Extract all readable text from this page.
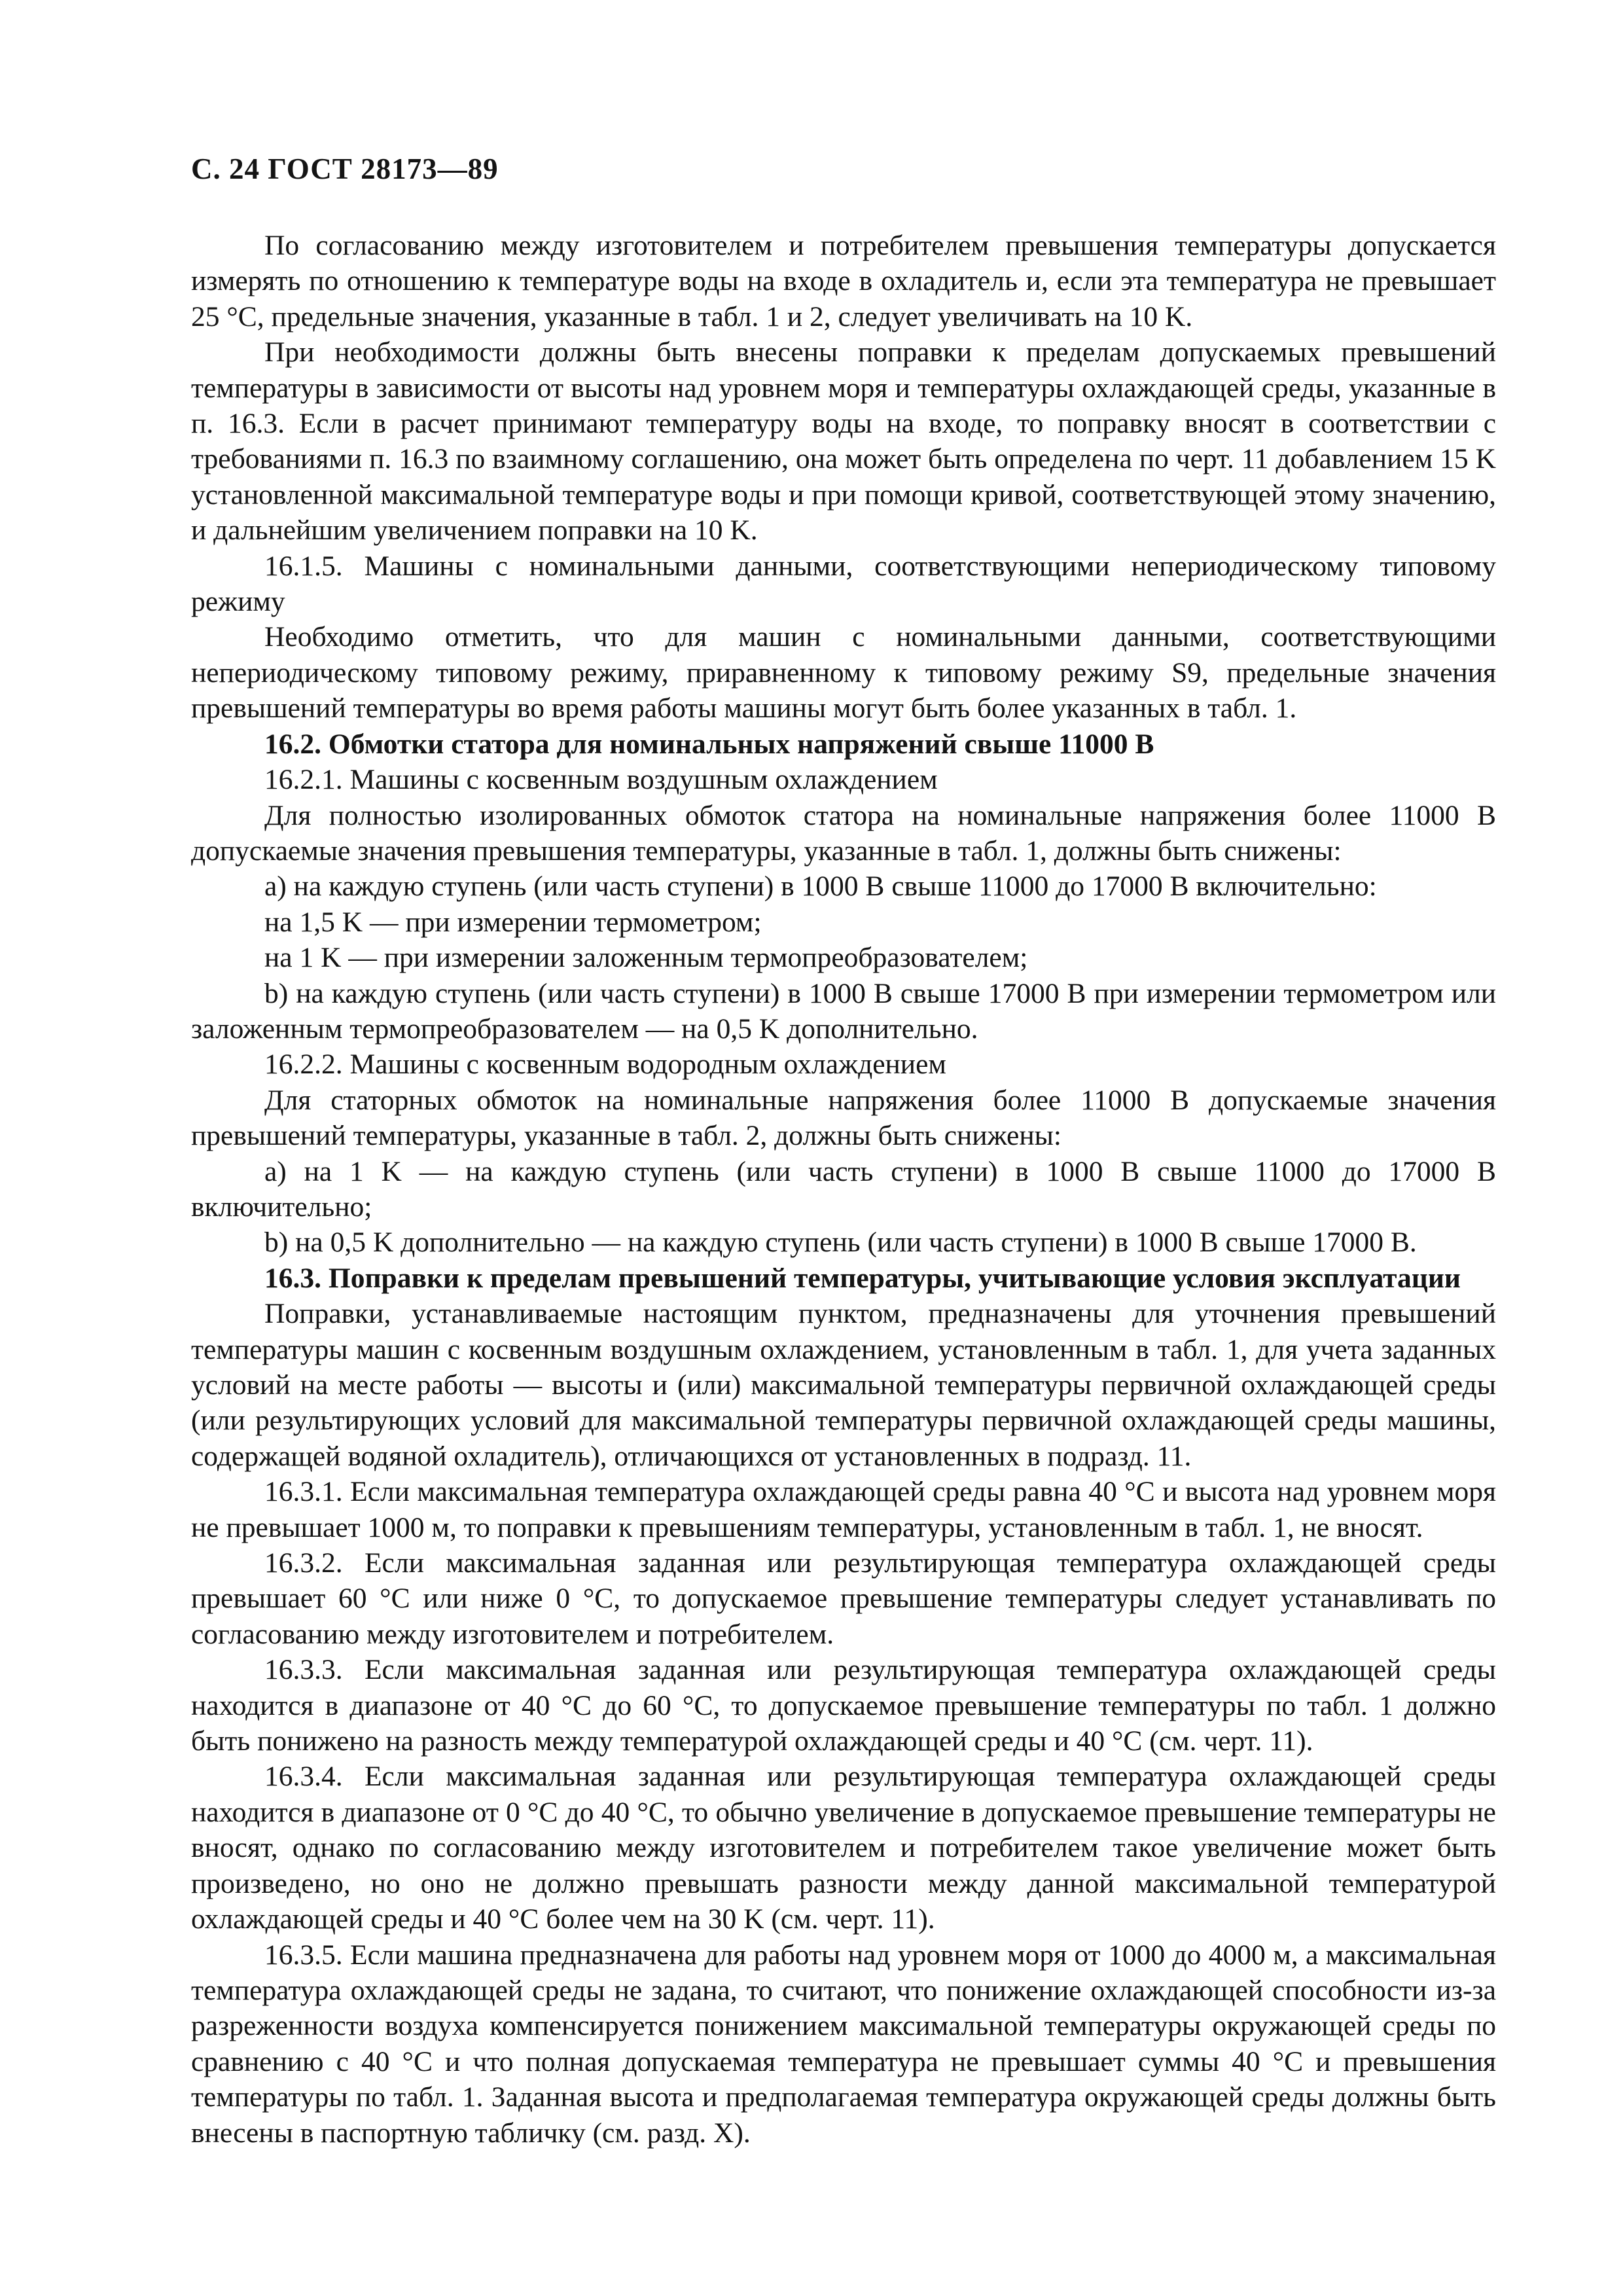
С. 24 ГОСТ 28173—89

По согласованию между изготовителем и потребителем превышения температуры допускается измерять по отношению к температуре воды на входе в охладитель и, если эта температура не превышает 25 °C, предельные значения, указанные в табл. 1 и 2, следует увеличивать на 10 K.

При необходимости должны быть внесены поправки к пределам допускаемых превышений температуры в зависимости от высоты над уровнем моря и температуры охлаждающей среды, указанные в п. 16.3. Если в расчет принимают температуру воды на входе, то поправку вносят в соответствии с требованиями п. 16.3 по взаимному соглашению, она может быть определена по черт. 11 добавлением 15 K установленной максимальной температуре воды и при помощи кривой, соответствующей этому значению, и дальнейшим увеличением поправки на 10 K.

16.1.5. Машины с номинальными данными, соответствующими непериодическому типовому режиму

Необходимо отметить, что для машин с номинальными данными, соответствующими непериодическому типовому режиму, приравненному к типовому режиму S9, предельные значения превышений температуры во время работы машины могут быть более указанных в табл. 1.

16.2. Обмотки статора для номинальных напряжений свыше 11000 В

16.2.1. Машины с косвенным воздушным охлаждением

Для полностью изолированных обмоток статора на номинальные напряжения более 11000 В допускаемые значения превышения температуры, указанные в табл. 1, должны быть снижены:

а) на каждую ступень (или часть ступени) в 1000 В свыше 11000 до 17000 В включительно:

на 1,5 K — при измерении термометром;

на 1 K — при измерении заложенным термопреобразователем;

b) на каждую ступень (или часть ступени) в 1000 В свыше 17000 В при измерении термометром или заложенным термопреобразователем — на 0,5 K дополнительно.

16.2.2. Машины с косвенным водородным охлаждением

Для статорных обмоток на номинальные напряжения более 11000 В допускаемые значения превышений температуры, указанные в табл. 2, должны быть снижены:

а) на 1 K — на каждую ступень (или часть ступени) в 1000 В свыше 11000 до 17000 В включительно;

b) на 0,5 K дополнительно — на каждую ступень (или часть ступени) в 1000 В свыше 17000 В.

16.3. Поправки к пределам превышений температуры, учитывающие условия эксплуатации

Поправки, устанавливаемые настоящим пунктом, предназначены для уточнения превышений температуры машин с косвенным воздушным охлаждением, установленным в табл. 1, для учета заданных условий на месте работы — высоты и (или) максимальной температуры первичной охлаждающей среды (или результирующих условий для максимальной температуры первичной охлаждающей среды машины, содержащей водяной охладитель), отличающихся от установленных в подразд. 11.

16.3.1. Если максимальная температура охлаждающей среды равна 40 °C и высота над уровнем моря не превышает 1000 м, то поправки к превышениям температуры, установленным в табл. 1, не вносят.

16.3.2. Если максимальная заданная или результирующая температура охлаждающей среды превышает 60 °C или ниже 0 °C, то допускаемое превышение температуры следует устанавливать по согласованию между изготовителем и потребителем.

16.3.3. Если максимальная заданная или результирующая температура охлаждающей среды находится в диапазоне от 40 °C до 60 °C, то допускаемое превышение температуры по табл. 1 должно быть понижено на разность между температурой охлаждающей среды и 40 °C (см. черт. 11).

16.3.4. Если максимальная заданная или результирующая температура охлаждающей среды находится в диапазоне от 0 °C до 40 °C, то обычно увеличение в допускаемое превышение температуры не вносят, однако по согласованию между изготовителем и потребителем такое увеличение может быть произведено, но оно не должно превышать разности между данной максимальной температурой охлаждающей среды и 40 °C более чем на 30 K (см. черт. 11).

16.3.5. Если машина предназначена для работы над уровнем моря от 1000 до 4000 м, а максимальная температура охлаждающей среды не задана, то считают, что понижение охлаждающей способности из-за разреженности воздуха компенсируется понижением максимальной температуры окружающей среды по сравнению с 40 °C и что полная допускаемая температура не превышает суммы 40 °C и превышения температуры по табл. 1. Заданная высота и предполагаемая температура окружающей среды должны быть внесены в паспортную табличку (см. разд. X).
